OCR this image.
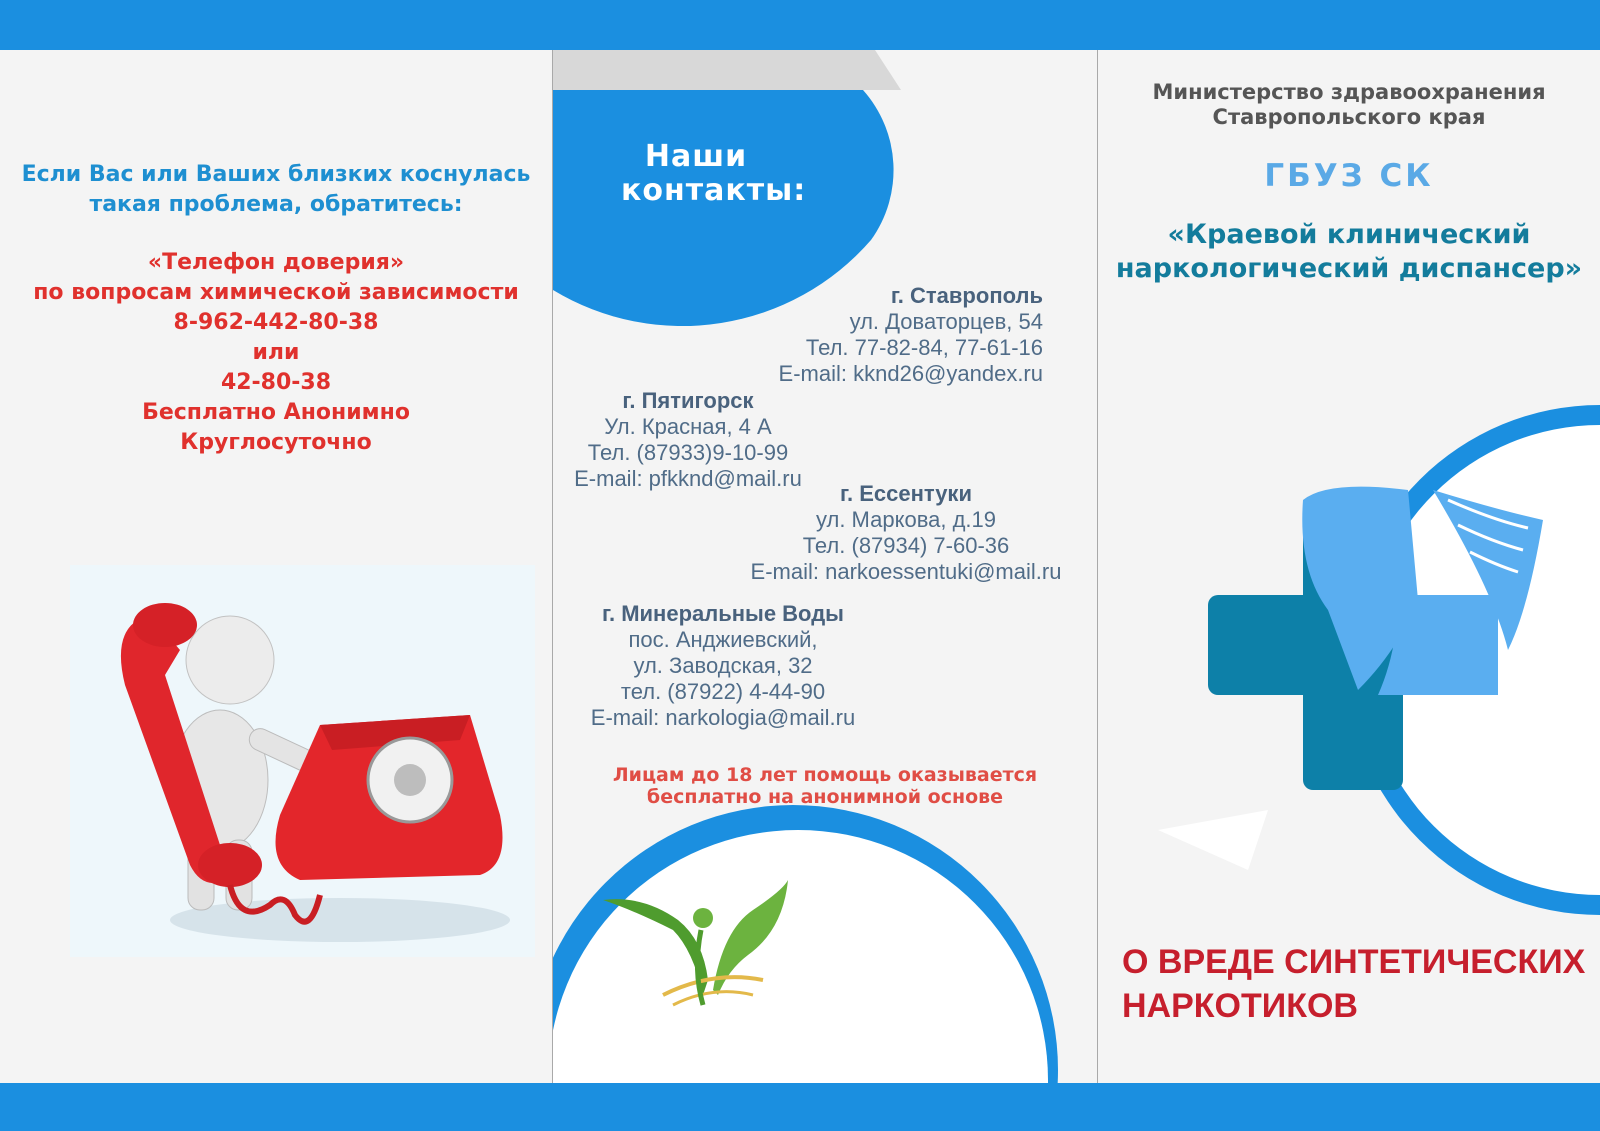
Если Вас или Ваших близких коснулась
такая проблема, обратитесь:
«Телефон доверия»
по вопросам химической зависимости
8-962-442-80-38
или
42-80-38
Бесплатно Анонимно
Круглосуточно
Наши
контакты:
г. Ставрополь
ул. Доваторцев, 54
Тел. 77-82-84, 77-61-16
E-mail: kknd26@yandex.ru
г. Пятигорск
Ул. Красная, 4 А
Тел. (87933)9-10-99
E-mail: pfkknd@mail.ru
г. Ессентуки
ул. Маркова, д.19
Тел. (87934) 7-60-36
E-mail: narkoessentuki@mail.ru
г. Минеральные Воды
пос. Анджиевский,
ул. Заводская, 32
тел. (87922) 4-44-90
E-mail: narkologia@mail.ru
Лицам до 18 лет помощь оказывается
бесплатно на анонимной основе
Министерство здравоохранения
Ставропольского края
ГБУЗ СК
«Краевой клинический
наркологический диспансер»
О ВРЕДЕ СИНТЕТИЧЕСКИХ
НАРКОТИКОВ
